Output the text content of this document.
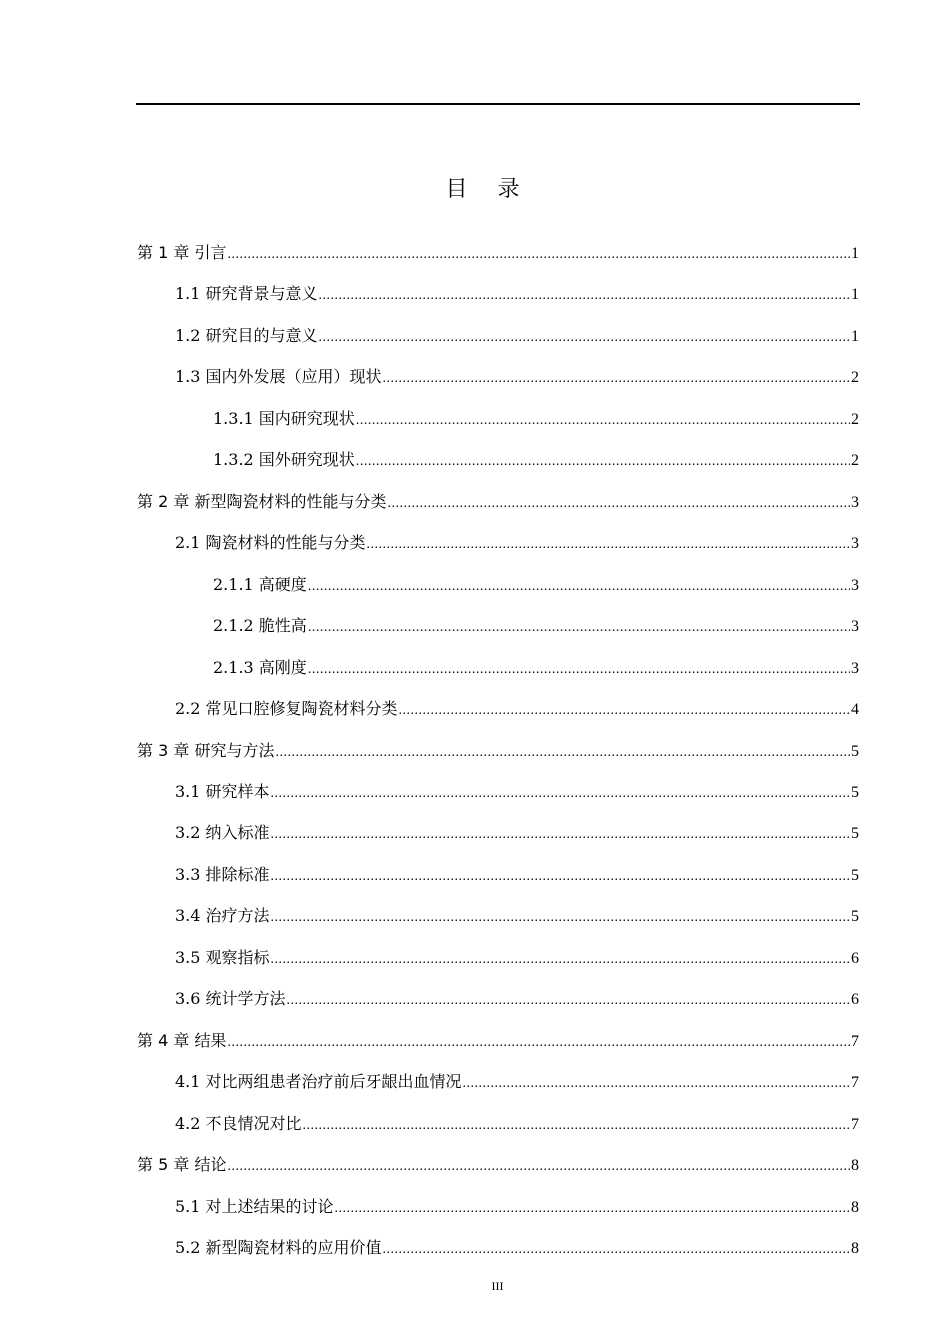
目录
第 1 章 引言 .....	1
1.1 研究背景与意义 .....	1
1.2 研究目的与意义 .....	1
1.3 国内外发展（应用）现状 .....	2
1.3.1 国内研究现状 .....	2
1.3.2 国外研究现状 .....	2
第 2 章 新型陶瓷材料的性能与分类 .....	3
2.1 陶瓷材料的性能与分类 .....	3
2.1.1 高硬度 .....	3
2.1.2 脆性高 .....	3
2.1.3 高刚度 .....	3
2.2 常见口腔修复陶瓷材料分类 .....	4
第 3 章 研究与方法 .....	5
3.1 研究样本 .....	5
3.2 纳入标准 .....	5
3.3 排除标准 .....	5
3.4 治疗方法 .....	5
3.5 观察指标 .....	6
3.6 统计学方法 .....	6
第 4 章 结果 .....	7
4.1 对比两组患者治疗前后牙龈出血情况 .....	7
4.2 不良情况对比 .....	7
第 5 章 结论 .....	8
5.1 对上述结果的讨论 .....	8
5.2 新型陶瓷材料的应用价值 .....	8
III
